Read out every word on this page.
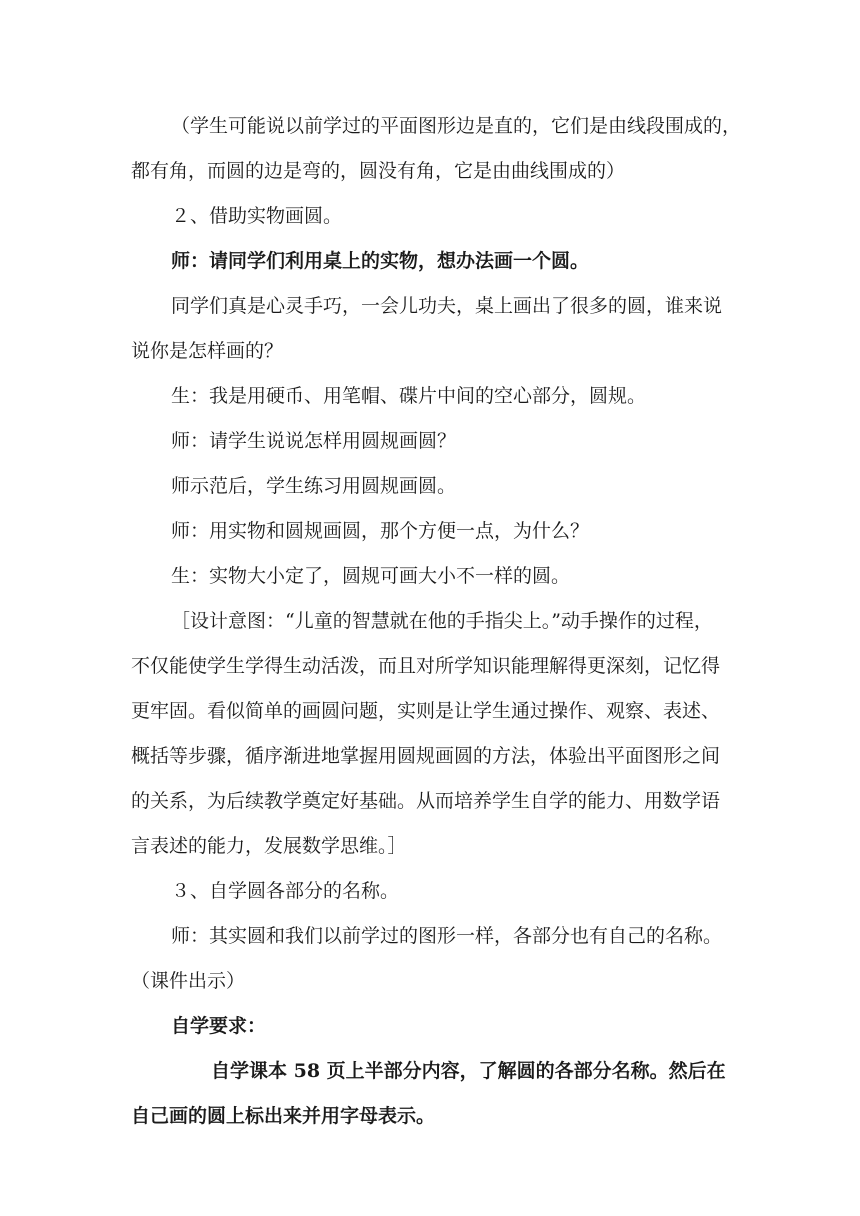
（学生可能说以前学过的平面图形边是直的，它们是由线段围成的，
都有角，而圆的边是弯的，圆没有角，它是由曲线围成的）
２、借助实物画圆。
师：请同学们利用桌上的实物，想办法画一个圆。
同学们真是心灵手巧，一会儿功夫，桌上画出了很多的圆，谁来说
说你是怎样画的？
生：我是用硬币、用笔帽、碟片中间的空心部分，圆规。
师：请学生说说怎样用圆规画圆？
师示范后，学生练习用圆规画圆。
师：用实物和圆规画圆，那个方便一点，为什么？
生：实物大小定了，圆规可画大小不一样的圆。
［设计意图：“儿童的智慧就在他的手指尖上。”动手操作的过程，
不仅能使学生学得生动活泼，而且对所学知识能理解得更深刻，记忆得
更牢固。看似简单的画圆问题，实则是让学生通过操作、观察、表述、
概括等步骤，循序渐进地掌握用圆规画圆的方法，体验出平面图形之间
的关系，为后续教学奠定好基础。从而培养学生自学的能力、用数学语
言表述的能力，发展数学思维。］
３、自学圆各部分的名称。
师：其实圆和我们以前学过的图形一样，各部分也有自己的名称。
（课件出示）
自学要求：
自学课本 58 页上半部分内容，了解圆的各部分名称。然后在
自己画的圆上标出来并用字母表示。
